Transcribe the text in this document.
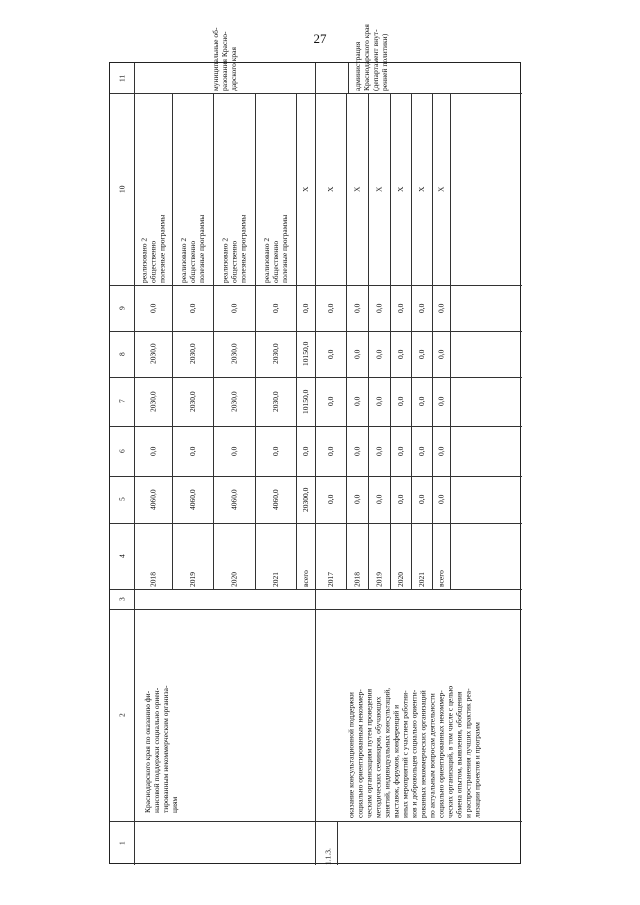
27
1
2
3
4
5
6
7
8
9
10
11	муниципальные об-
разования Красно-
дарского края
Краснодарского края по оказанию фи-
нансовой поддержки социально ориен-
тированным некоммерческим организа-
циям
реализовано 2
общественно
полезные программы
0,0
2030,0
2030,0
0,0
4060,0
2018
реализовано 2
общественно
полезные программы
0,0
2030,0
2030,0
0,0
4060,0
2019
реализовано 2
общественно
полезные программы
0,0
2030,0
2030,0
0,0
4060,0
2020
реализовано 2
общественно
полезные программы
0,0
2030,0
2030,0
0,0
4060,0
2021
Х
0,0
10150,0
10150,0
0,0
20300,0
всего
администрация
Краснодарского края
(департамент внут-
ренней политики)
1.1.3.
оказание консультационной поддержки
социально ориентированным некоммер-
ческим организациям путем проведения
методических семинаров, обучающих
занятий, индивидуальных консультаций,
выставок, форумов, конференций и
иных мероприятий с участием работни-
ков и добровольцев социально ориенти-
рованных некоммерческих организаций
по актуальным вопросам деятельности
социально ориентированных некоммер-
ческих организаций, в том числе с целью
обмена опытом, выявления, обобщения
и распространения лучших практик реа-
лизации проектов и программ
Х
0,0
0,0
0,0
0,0
0,0
2017
Х
0,0
0,0
0,0
0,0
0,0
2018
Х
0,0
0,0
0,0
0,0
0,0
2019
Х
0,0
0,0
0,0
0,0
0,0
2020
Х
0,0
0,0
0,0
0,0
0,0
2021
Х
0,0
0,0
0,0
0,0
0,0
всего
